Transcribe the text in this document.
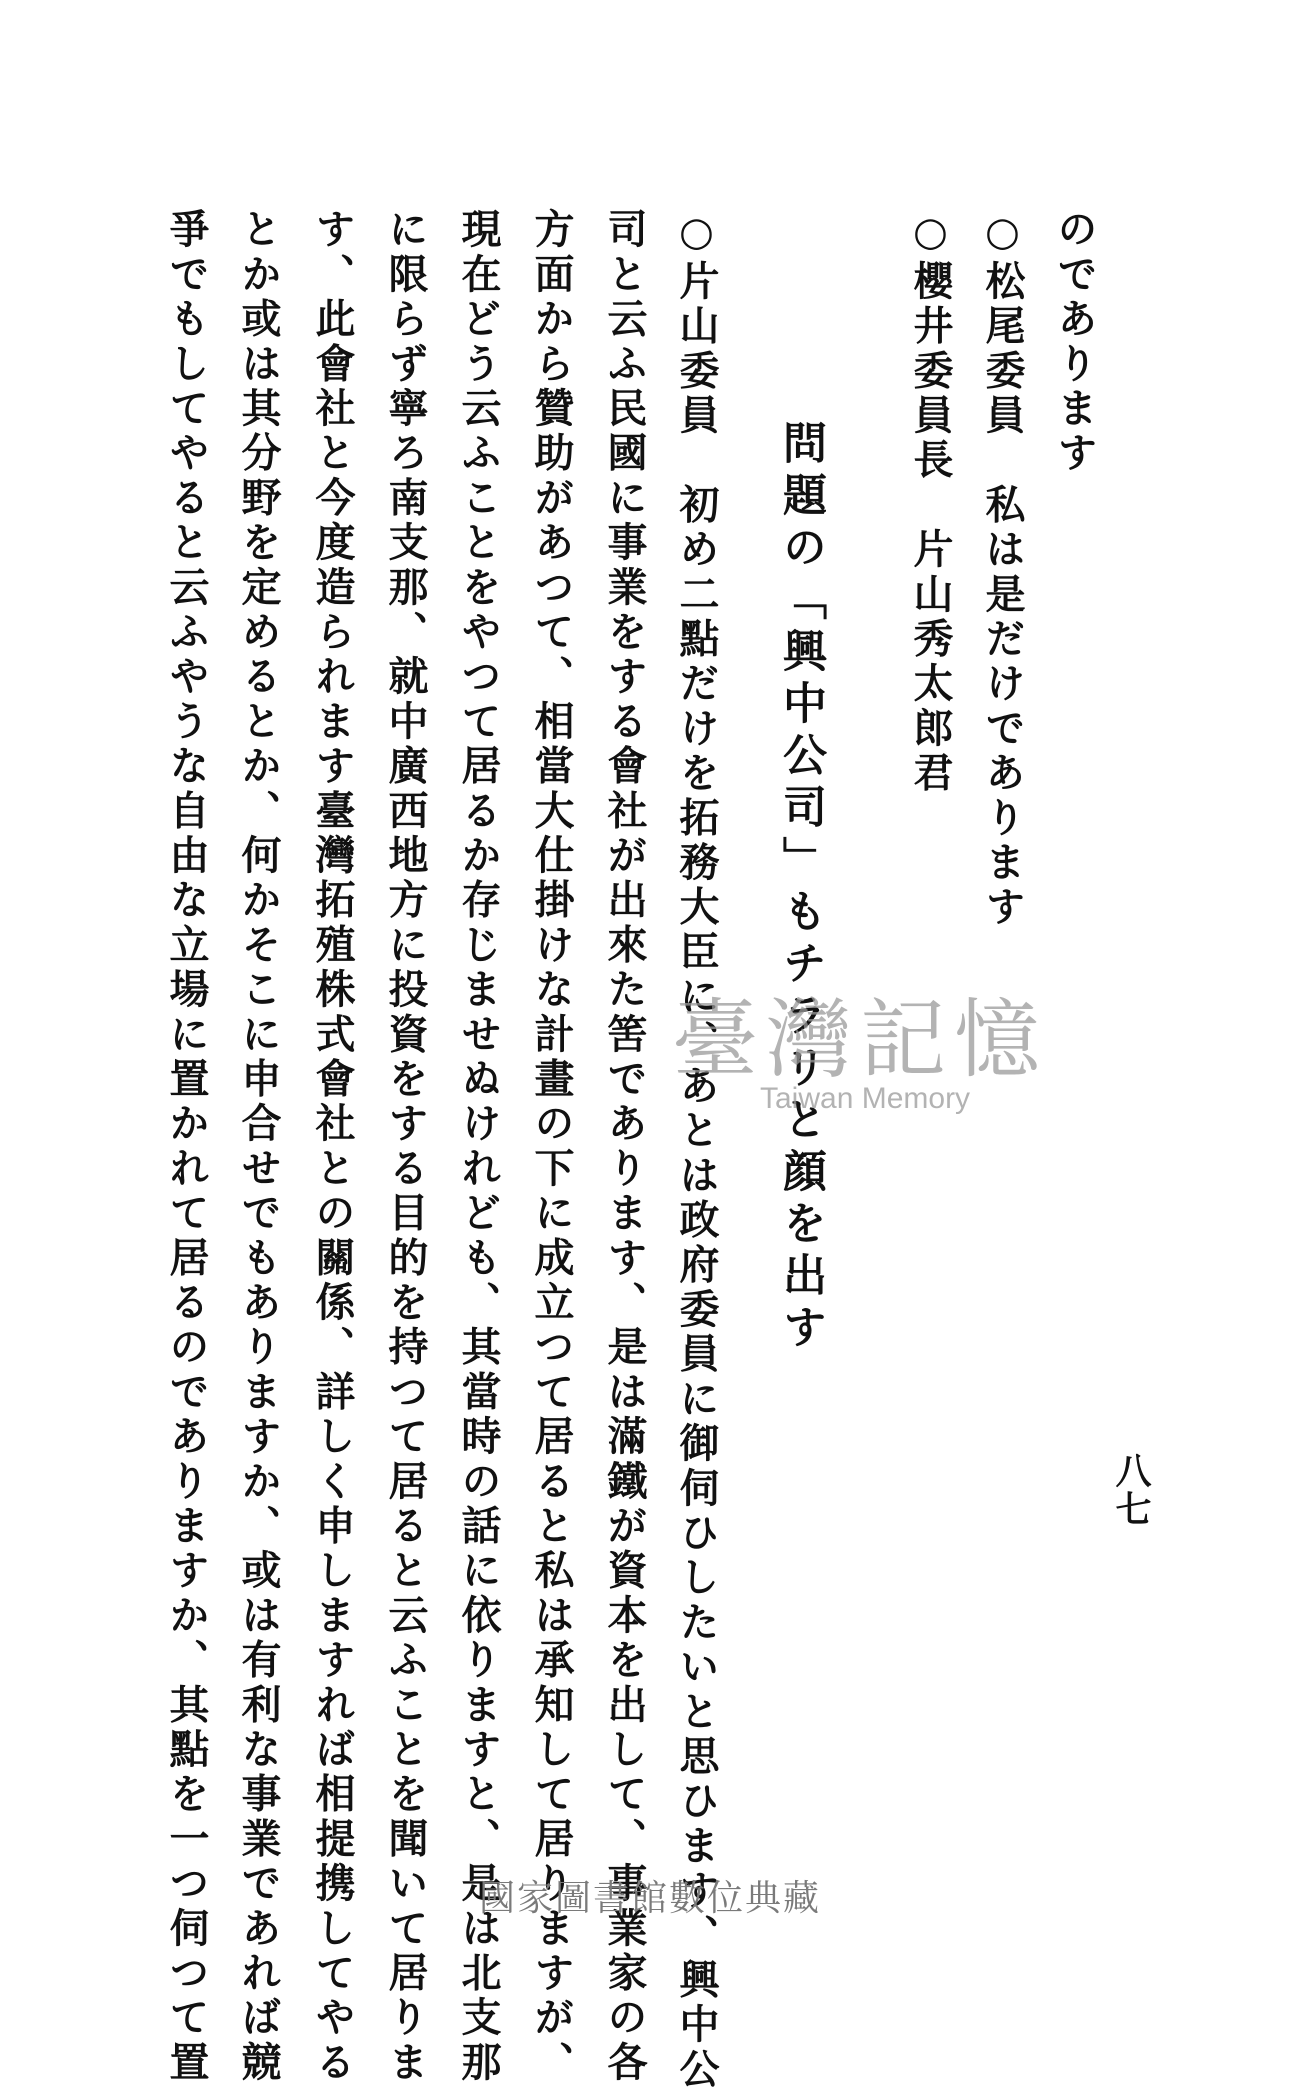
のであります
○松尾委員　私は是だけであります
○櫻井委員長　片山秀太郎君
問題の「興中公司」もチラリと顔を出す
○片山委員　初め二點だけを拓務大臣に、あとは政府委員に御伺ひしたいと思ひます、興中公
司と云ふ民國に事業をする會社が出來た筈であります、是は滿鐵が資本を出して、事業家の各
方面から贊助があつて、相當大仕掛けな計畫の下に成立つて居ると私は承知して居りますが、
現在どう云ふことをやつて居るか存じませぬけれども、其當時の話に依りますと、是は北支那
に限らず寧ろ南支那、就中廣西地方に投資をする目的を持つて居ると云ふことを聞いて居りま
す、此會社と今度造られます臺灣拓殖株式會社との關係、詳しく申しますれば相提携してやる
とか或は其分野を定めるとか、何かそこに申合せでもありますか、或は有利な事業であれば競
爭でもしてやると云ふやうな自由な立場に置かれて居るのでありますか、其點を一つ伺つて置	八七
臺灣記憶
Taiwan Memory
國家圖書館數位典藏
